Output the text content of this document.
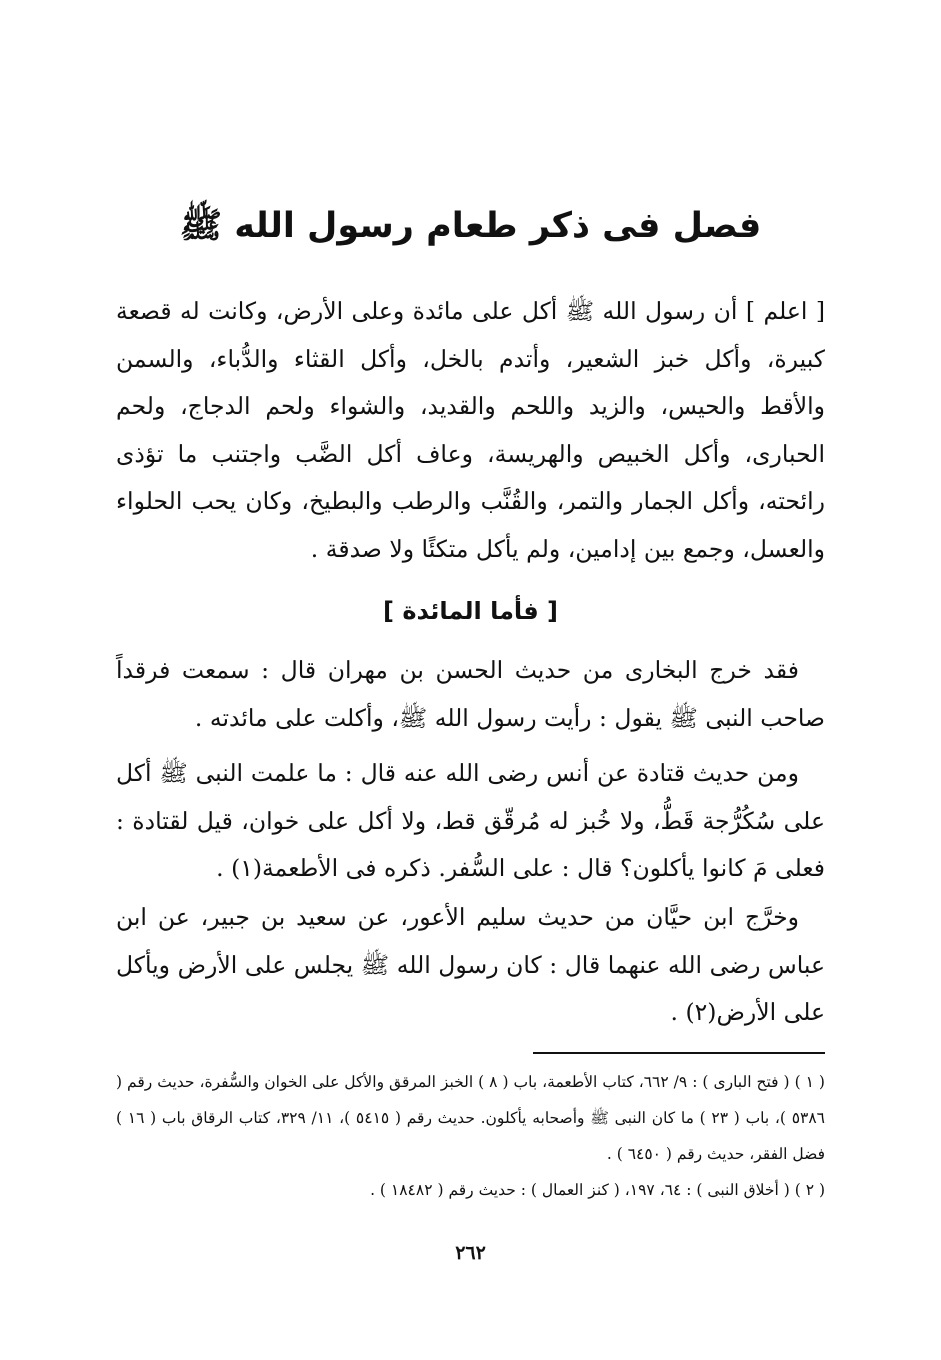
فصل فى ذكر طعام رسول الله ﷺ

[ اعلم ] أن رسول الله ﷺ أكل على مائدة وعلى الأرض، وكانت له قصعة كبيرة، وأكل خبز الشعير، وأتدم بالخل، وأكل القثاء والدُّباء، والسمن والأقط والحيس، والزيد واللحم والقديد، والشواء ولحم الدجاج، ولحم الحبارى، وأكل الخبيص والهريسة، وعاف أكل الضَّب واجتنب ما تؤذى رائحته، وأكل الجمار والتمر، والقُنَّب والرطب والبطيخ، وكان يحب الحلواء والعسل، وجمع بين إدامين، ولم يأكل متكئًا ولا صدقة .

[ فأما المائدة ]

فقد خرج البخارى من حديث الحسن بن مهران قال : سمعت فرقداً صاحب النبى ﷺ يقول : رأيت رسول الله ﷺ، وأكلت على مائدته .

ومن حديث قتادة عن أنس رضى الله عنه قال : ما علمت النبى ﷺ أكل على سُكُرُّجة قَطُّ، ولا خُبز له مُرقّق قط، ولا أكل على خوان، قيل لقتادة : فعلى مَ كانوا يأكلون؟ قال : على السُّفر. ذكره فى الأطعمة(١) .

وخرَّج ابن حيَّان من حديث سليم الأعور، عن سعيد بن جبير، عن ابن عباس رضى الله عنهما قال : كان رسول الله ﷺ يجلس على الأرض ويأكل على الأرض(٢) .

( ١ ) ( فتح البارى ) : ٩/ ٦٦٢، كتاب الأطعمة، باب ( ٨ ) الخبز المرقق والأكل على الخوان والسُّفرة، حديث رقم ( ٥٣٨٦ )، باب ( ٢٣ ) ما كان النبى ﷺ وأصحابه يأكلون. حديث رقم ( ٥٤١٥ )، ١١/ ٣٢٩، كتاب الرقاق باب ( ١٦ ) فضل الفقر، حديث رقم ( ٦٤٥٠ ) .

( ٢ ) ( أخلاق النبى ) : ٦٤، ١٩٧، ( كنز العمال ) : حديث رقم ( ١٨٤٨٢ ) .

٢٦٢
